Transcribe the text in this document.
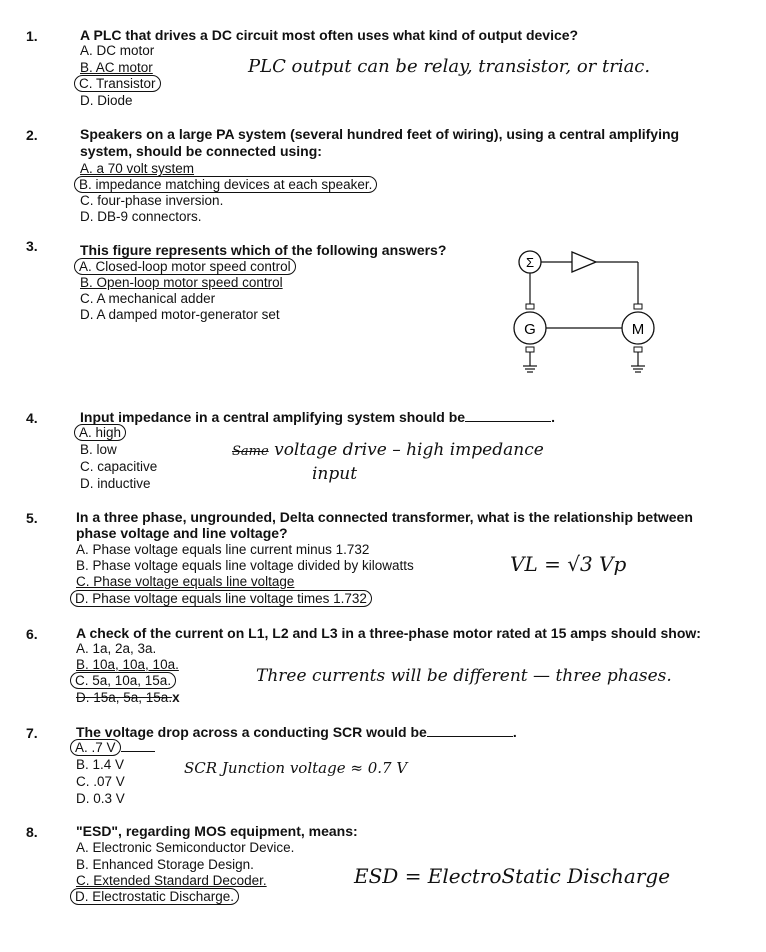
1.	A PLC that drives a DC circuit most often uses what kind of output device?
A. DC motor
B. AC motor
C. Transistor
D. Diode
PLC output can be relay, transistor, or triac.
2.	Speakers on a large PA system (several hundred feet of wiring), using a central amplifying
system, should be connected using:
A. a 70 volt system
B. impedance matching devices at each speaker.
C. four-phase inversion.
D. DB-9 connectors.
3.	This figure represents which of the following answers?
A. Closed-loop motor speed control
B. Open-loop motor speed control
C. A mechanical adder
D. A damped motor-generator set
Σ
G	M
4.	Input impedance in a central amplifying system should be	.
A. high
B. low
C. capacitive
D. inductive
Same voltage drive – high impedance
input
5.	In a three phase, ungrounded, Delta connected transformer, what is the relationship between
phase voltage and line voltage?
A. Phase voltage equals line current minus 1.732
B. Phase voltage equals line voltage divided by kilowatts
C. Phase voltage equals line voltage
D. Phase voltage equals line voltage times 1.732
VL = √3 Vp
6.	A check of the current on L1, L2 and L3 in a three-phase motor rated at 15 amps should show:
A. 1a, 2a, 3a.
B. 10a, 10a, 10a.
C. 5a, 10a, 15a.
D. 15a, 5a, 15a.x
Three currents will be different — three phases.
7.	The voltage drop across a conducting SCR would be	.
A. .7 V
B. 1.4 V
C. .07 V
D. 0.3 V
SCR Junction voltage ≈ 0.7 V
8.	"ESD", regarding MOS equipment, means:
A. Electronic Semiconductor Device.
B. Enhanced Storage Design.
C. Extended Standard Decoder.
D. Electrostatic Discharge.
ESD = ElectroStatic Discharge
